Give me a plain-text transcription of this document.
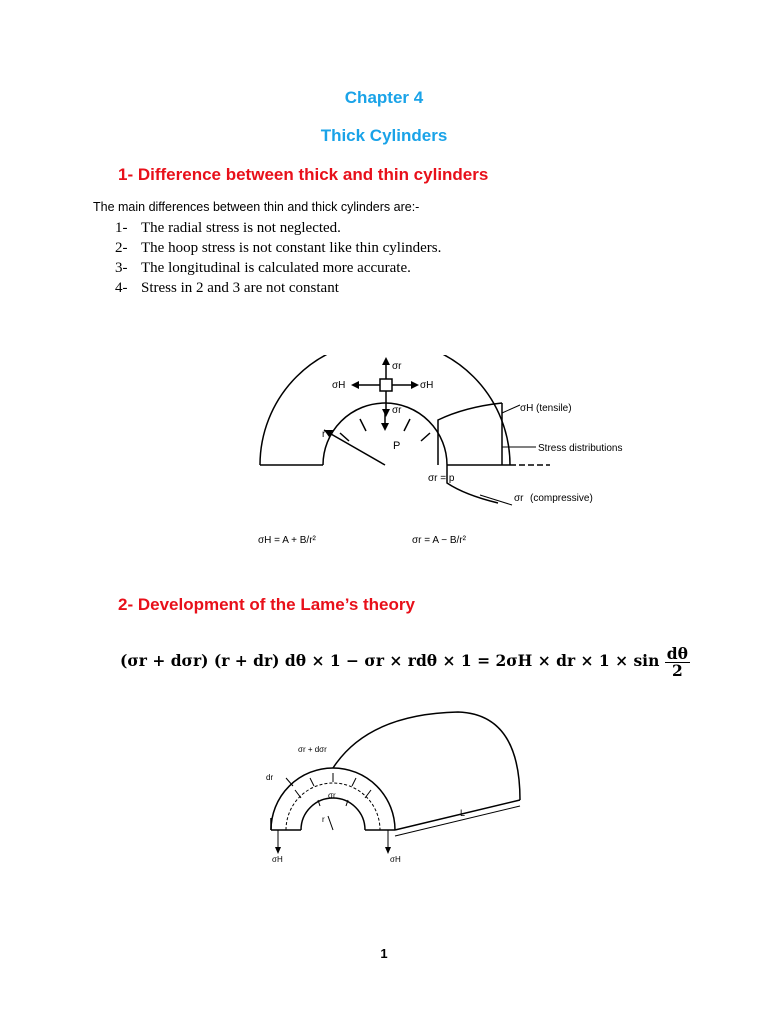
Chapter 4
Thick Cylinders
1- Difference between thick and thin cylinders
The main differences between thin and thick cylinders are:-
1- The radial stress is not neglected.
2- The hoop stress is not constant like thin cylinders.
3- The longitudinal is calculated more accurate.
4- Stress in 2 and 3 are not constant
σr
σH	σH
σr	σH (tensile)
Stress distributions
σr (compressive)
r
P
σr = p
σH = A + B/r²	σr = A − B/r²
2- Development of the Lame’s theory
(σr + dσr) (r + dr) dθ × 1 − σr × rdθ × 1 = 2σH × dr × $1 \times \sin \frac{d\theta}{2}$
σr + dσr
dr
σr
r
L
σH	σH
1
